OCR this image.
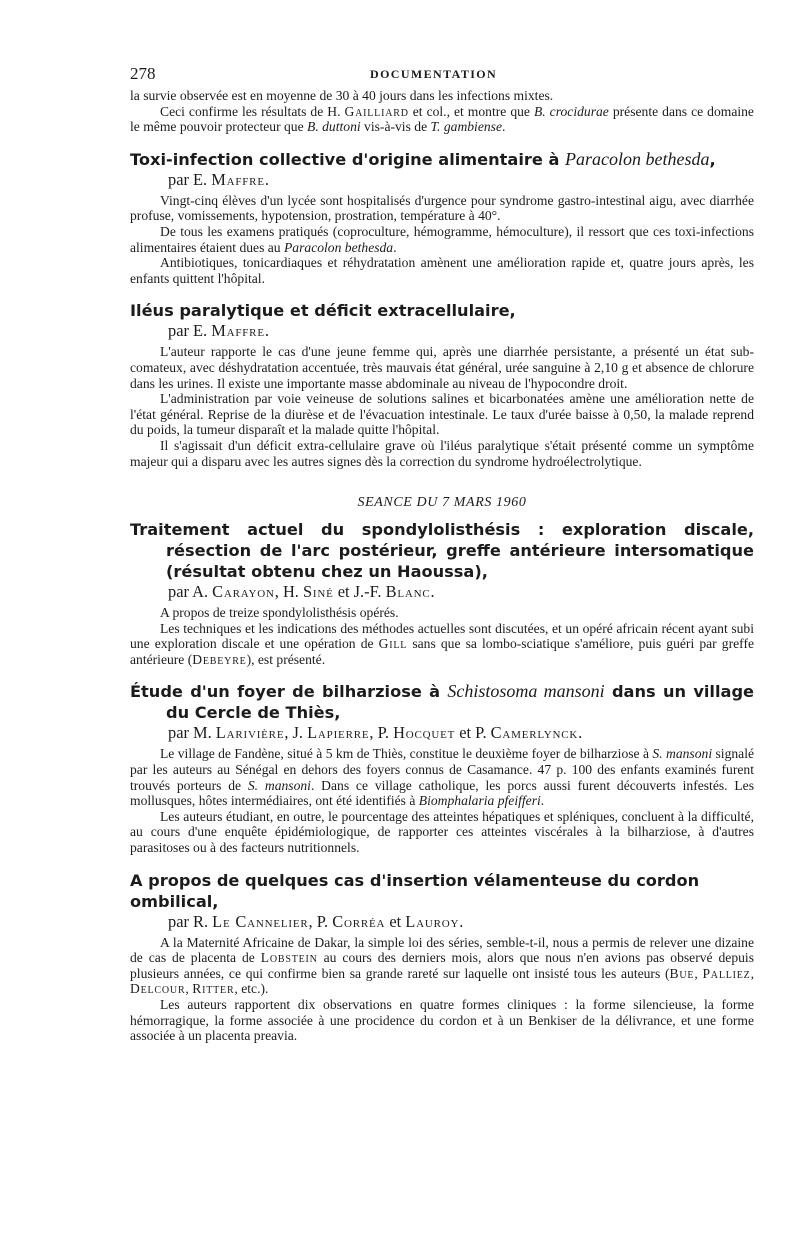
278	DOCUMENTATION

la survie observée est en moyenne de 30 à 40 jours dans les infections mixtes.

Ceci confirme les résultats de H. Gailliard et col., et montre que B. crocidurae présente dans ce domaine le même pouvoir protecteur que B. duttoni vis-à-vis de T. gambiense.

Toxi-infection collective d'origine alimentaire à Paracolon bethesda,
par E. Maffre.

Vingt-cinq élèves d'un lycée sont hospitalisés d'urgence pour syndrome gastro-intestinal aigu, avec diarrhée profuse, vomissements, hypotension, prostration, température à 40°.

De tous les examens pratiqués (coproculture, hémogramme, hémoculture), il ressort que ces toxi-infections alimentaires étaient dues au Paracolon bethesda.

Antibiotiques, tonicardiaques et réhydratation amènent une amélioration rapide et, quatre jours après, les enfants quittent l'hôpital.

Iléus paralytique et déficit extracellulaire,
par E. Maffre.

L'auteur rapporte le cas d'une jeune femme qui, après une diarrhée persistante, a présenté un état sub-comateux, avec déshydratation accentuée, très mauvais état général, urée sanguine à 2,10 g et absence de chlorure dans les urines. Il existe une importante masse abdominale au niveau de l'hypocondre droit.

L'administration par voie veineuse de solutions salines et bicarbonatées amène une amélioration nette de l'état général. Reprise de la diurèse et de l'évacuation intestinale. Le taux d'urée baisse à 0,50, la malade reprend du poids, la tumeur disparaît et la malade quitte l'hôpital.

Il s'agissait d'un déficit extra-cellulaire grave où l'iléus paralytique s'était présenté comme un symptôme majeur qui a disparu avec les autres signes dès la correction du syndrome hydroélectrolytique.

SEANCE DU 7 MARS 1960
Traitement actuel du spondylolisthésis : exploration discale, résection de l'arc postérieur, greffe antérieure intersomatique (résultat obtenu chez un Haoussa),
par A. Carayon, H. Siné et J.-F. Blanc.

A propos de treize spondylolisthésis opérés.

Les techniques et les indications des méthodes actuelles sont discutées, et un opéré africain récent ayant subi une exploration discale et une opération de Gill sans que sa lombo-sciatique s'améliore, puis guéri par greffe antérieure (Debeyre), est présenté.

Étude d'un foyer de bilharziose à Schistosoma mansoni dans un village du Cercle de Thiès,
par M. Larivière, J. Lapierre, P. Hocquet et P. Camerlynck.

Le village de Fandène, situé à 5 km de Thiès, constitue le deuxième foyer de bilharziose à S. mansoni signalé par les auteurs au Sénégal en dehors des foyers connus de Casamance. 47 p. 100 des enfants examinés furent trouvés porteurs de S. mansoni. Dans ce village catholique, les porcs aussi furent découverts infestés. Les mollusques, hôtes intermédiaires, ont été identifiés à Biomphalaria pfeifferi.

Les auteurs étudiant, en outre, le pourcentage des atteintes hépatiques et spléniques, concluent à la difficulté, au cours d'une enquête épidémiologique, de rapporter ces atteintes viscérales à la bilharziose, à d'autres parasitoses ou à des facteurs nutritionnels.

A propos de quelques cas d'insertion vélamenteuse du cordon ombilical,
par R. Le Cannelier, P. Corréa et Lauroy.

A la Maternité Africaine de Dakar, la simple loi des séries, semble-t-il, nous a permis de relever une dizaine de cas de placenta de Lobstein au cours des derniers mois, alors que nous n'en avions pas observé depuis plusieurs années, ce qui confirme bien sa grande rareté sur laquelle ont insisté tous les auteurs (Bue, Palliez, Delcour, Ritter, etc.).

Les auteurs rapportent dix observations en quatre formes cliniques : la forme silencieuse, la forme hémorragique, la forme associée à une procidence du cordon et à un Benkiser de la délivrance, et une forme associée à un placenta preavia.
